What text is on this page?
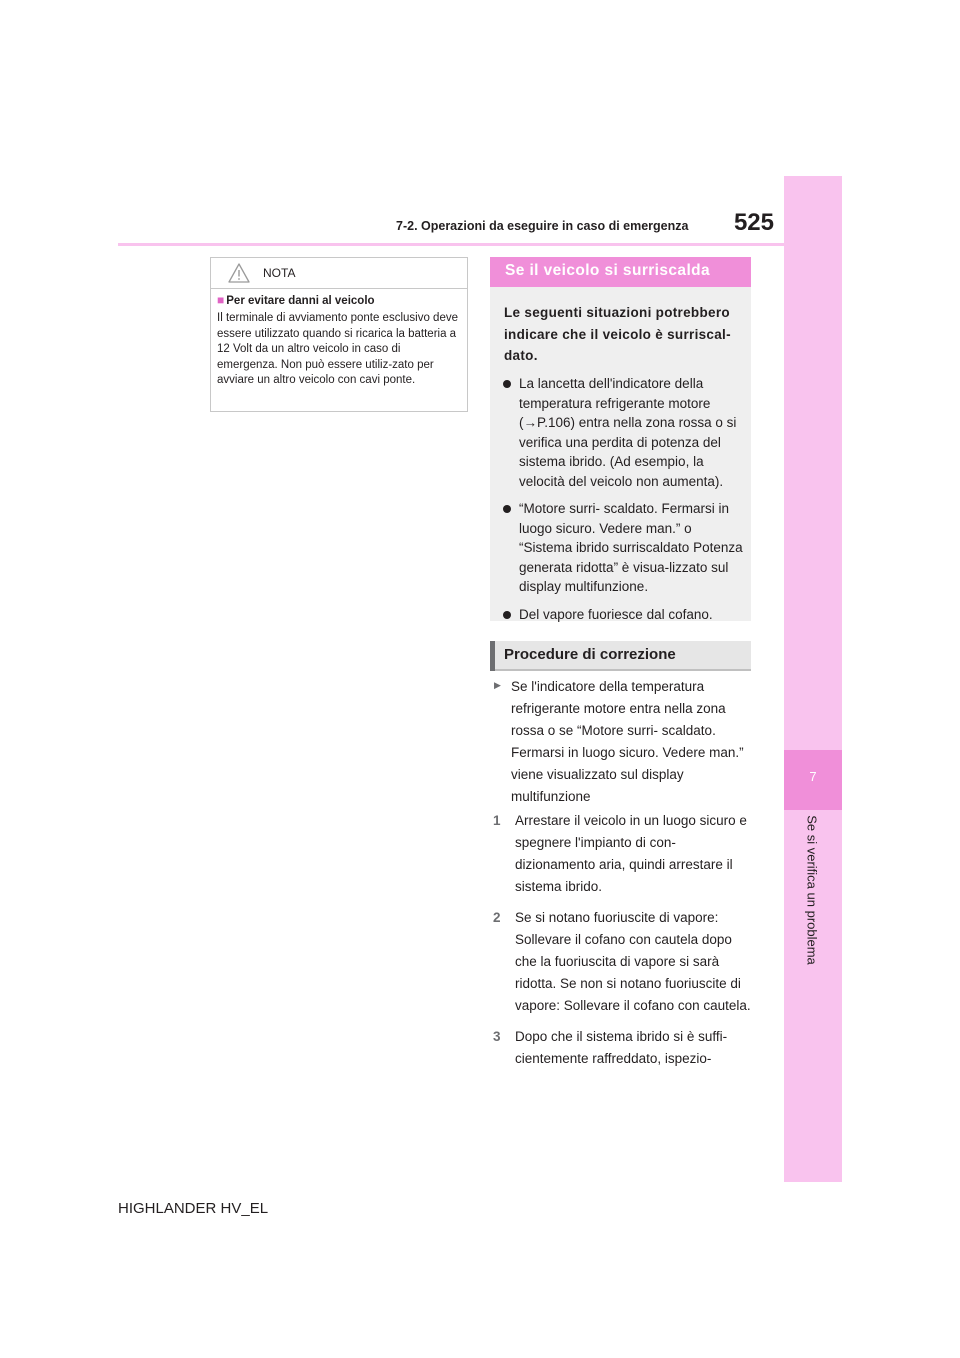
7
Se si verifica un problema
525
7-2. Operazioni da eseguire in caso di emergenza
NOTA
■ Per evitare danni al veicolo
Il terminale di avviamento ponte esclusivo deve essere utilizzato quando si ricarica la batteria a 12 Volt da un altro veicolo in caso di emergenza. Non può essere utiliz-zato per avviare un altro veicolo con cavi ponte.
Se il veicolo si surriscalda
Le seguenti situazioni potrebbero indicare che il veicolo è surriscal-dato.
La lancetta dell'indicatore della temperatura refrigerante motore (→P.106) entra nella zona rossa o si verifica una perdita di potenza del sistema ibrido. (Ad esempio, la velocità del veicolo non aumenta).
“Motore surri- scaldato. Fermarsi in luogo sicuro. Vedere man.” o “Sistema ibrido surriscaldato Potenza generata ridotta” è visua-lizzato sul display multifunzione.
Del vapore fuoriesce dal cofano.
Procedure di correzione
▶ Se l'indicatore della temperatura refrigerante motore entra nella zona rossa o se “Motore surri- scaldato. Fermarsi in luogo sicuro. Vedere man.” viene visualizzato sul display multifunzione
1 Arrestare il veicolo in un luogo sicuro e spegnere l'impianto di con-dizionamento aria, quindi arrestare il sistema ibrido.
2 Se si notano fuoriuscite di vapore: Sollevare il cofano con cautela dopo che la fuoriuscita di vapore si sarà ridotta. Se non si notano fuoriuscite di vapore: Sollevare il cofano con cautela.
3 Dopo che il sistema ibrido si è suffi-cientemente raffreddato, ispezio-
HIGHLANDER HV_EL
